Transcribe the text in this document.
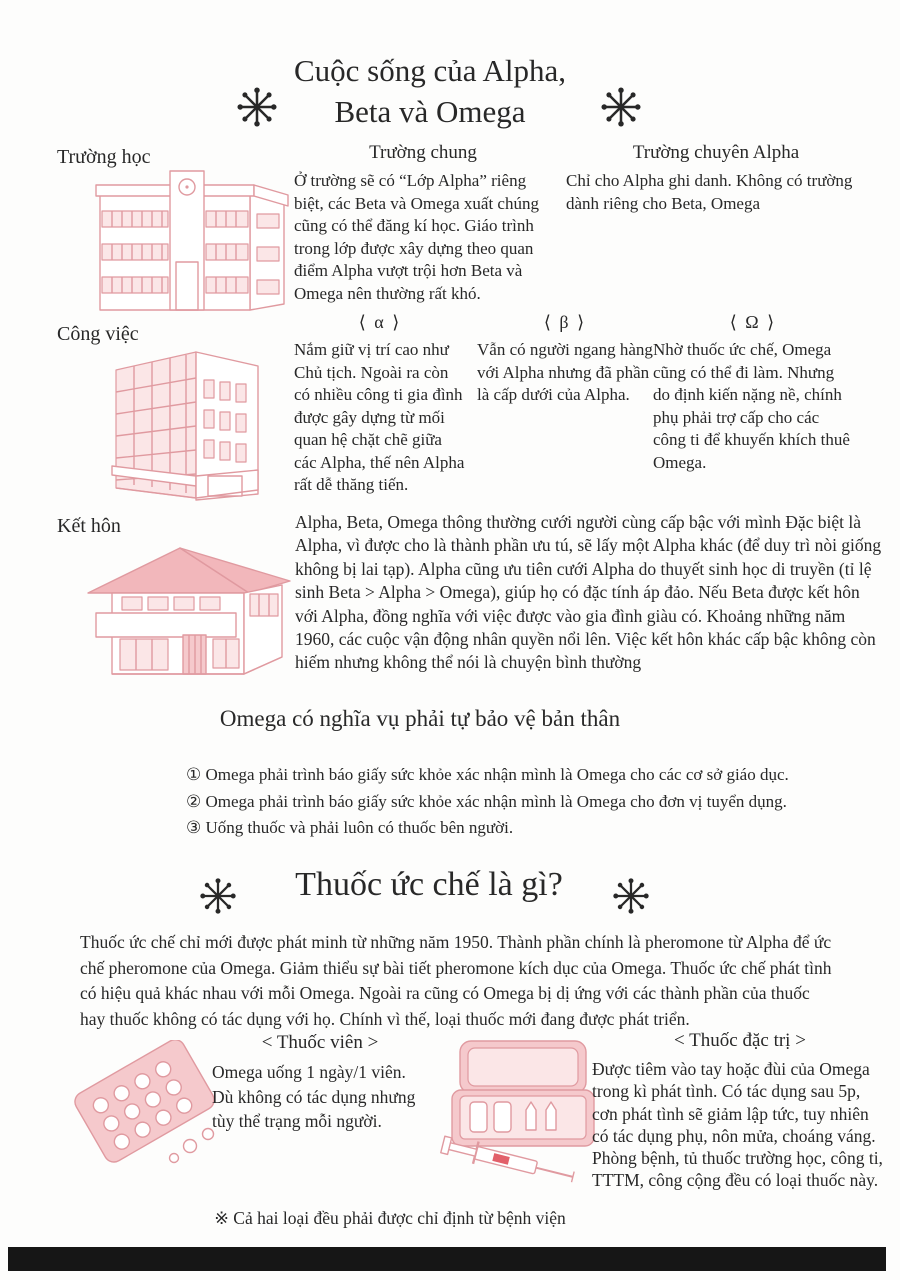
Cuộc sống của Alpha,
Beta và Omega
Trường học	Trường chung
Ở trường sẽ có “Lớp Alpha” riêng biệt, các Beta và Omega xuất chúng cũng có thể đăng kí học. Giáo trình trong lớp được xây dựng theo quan điểm Alpha vượt trội hơn Beta và Omega nên thường rất khó.
Trường chuyên Alpha
Chỉ cho Alpha ghi danh. Không có trường dành riêng cho Beta, Omega
Công việc
⟨ α ⟩
Nắm giữ vị trí cao như Chủ tịch. Ngoài ra còn có nhiều công ti gia đình được gây dựng từ mối quan hệ chặt chẽ giữa các Alpha, thế nên Alpha rất dễ thăng tiến.
⟨ β ⟩
Vẫn có người ngang hàng với Alpha nhưng đã phần là cấp dưới của Alpha.
⟨ Ω ⟩
Nhờ thuốc ức chế, Omega cũng có thể đi làm. Nhưng do định kiến nặng nề, chính phụ phải trợ cấp cho các công ti để khuyến khích thuê Omega.
Kết hôn	Alpha, Beta, Omega thông thường cưới người cùng cấp bậc với mình Đặc biệt là Alpha, vì được cho là thành phần ưu tú, sẽ lấy một Alpha khác (để duy trì nòi giống không bị lai tạp). Alpha cũng ưu tiên cưới Alpha do thuyết sinh học di truyền (tỉ lệ sinh Beta > Alpha > Omega), giúp họ có đặc tính áp đảo. Nếu Beta được kết hôn với Alpha, đồng nghĩa với việc được vào gia đình giàu có. Khoảng những năm 1960, các cuộc vận động nhân quyền nổi lên. Việc kết hôn khác cấp bậc không còn hiếm nhưng không thể nói là chuyện bình thường
Omega có nghĩa vụ phải tự bảo vệ bản thân
① Omega phải trình báo giấy sức khỏe xác nhận mình là Omega cho các cơ sở giáo dục.
② Omega phải trình báo giấy sức khỏe xác nhận mình là Omega cho đơn vị tuyển dụng.
③ Uống thuốc và phải luôn có thuốc bên người.
Thuốc ức chế là gì?
Thuốc ức chế chỉ mới được phát minh từ những năm 1950. Thành phần chính là pheromone từ Alpha để ức chế pheromone của Omega. Giảm thiểu sự bài tiết pheromone kích dục của Omega. Thuốc ức chế phát tình có hiệu quả khác nhau với mỗi Omega. Ngoài ra cũng có Omega bị dị ứng với các thành phần của thuốc hay thuốc không có tác dụng với họ. Chính vì thế, loại thuốc mới đang được phát triển.
< Thuốc viên >
Omega uống 1 ngày/1 viên. Dù không có tác dụng nhưng tùy thể trạng mỗi người.
< Thuốc đặc trị >
Được tiêm vào tay hoặc đùi của Omega trong kì phát tình. Có tác dụng sau 5p, cơn phát tình sẽ giảm lập tức, tuy nhiên có tác dụng phụ, nôn mửa, choáng váng. Phòng bệnh, tủ thuốc trường học, công ti, TTTM, công cộng đều có loại thuốc này.
※ Cả hai loại đều phải được chỉ định từ bệnh viện
